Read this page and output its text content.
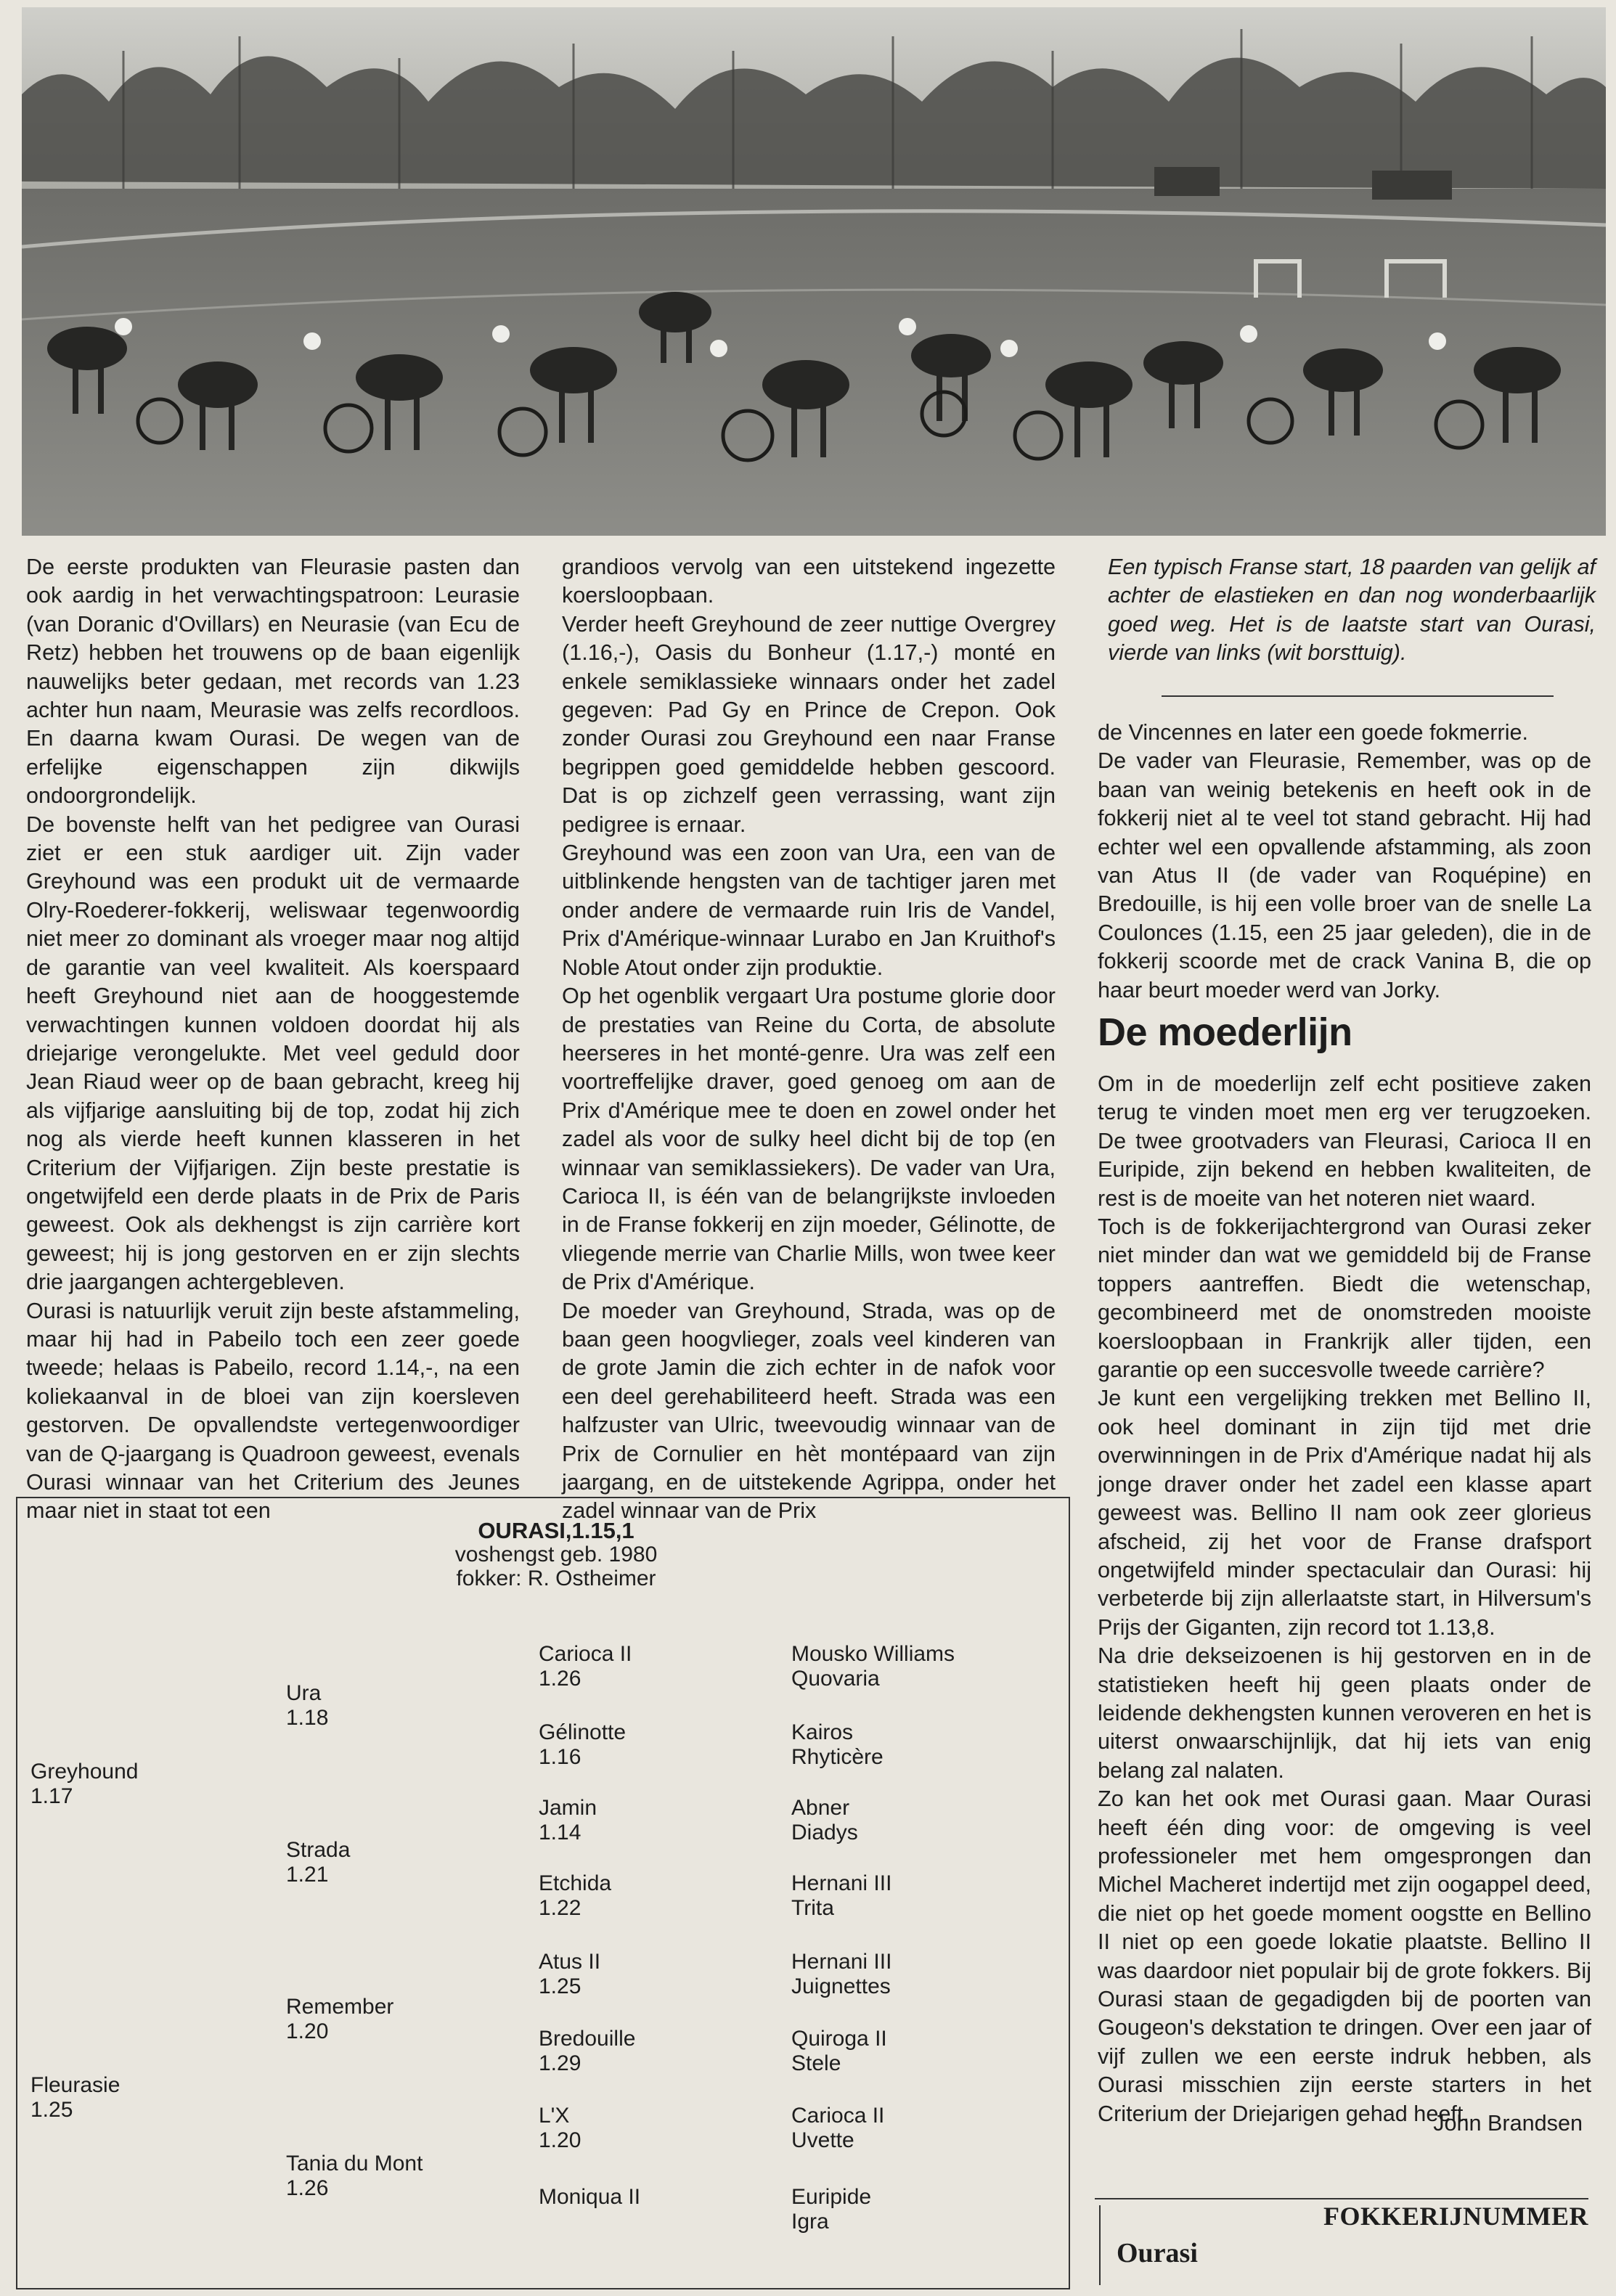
De eerste produkten van Fleurasie pasten dan ook aardig in het verwachtingspatroon: Leurasie (van Doranic d'Ovillars) en Neurasie (van Ecu de Retz) hebben het trouwens op de baan eigenlijk nauwelijks beter gedaan, met records van 1.23 achter hun naam, Meurasie was zelfs recordloos. En daarna kwam Ourasi. De wegen van de erfelijke eigenschappen zijn dikwijls ondoorgrondelijk.

De bovenste helft van het pedigree van Ourasi ziet er een stuk aardiger uit. Zijn vader Greyhound was een produkt uit de vermaarde Olry-Roederer-fokkerij, weliswaar tegenwoordig niet meer zo dominant als vroeger maar nog altijd de garantie van veel kwaliteit. Als koerspaard heeft Greyhound niet aan de hooggestemde verwachtingen kunnen voldoen doordat hij als driejarige verongelukte. Met veel geduld door Jean Riaud weer op de baan gebracht, kreeg hij als vijfjarige aansluiting bij de top, zodat hij zich nog als vierde heeft kunnen klasseren in het Criterium der Vijfjarigen. Zijn beste prestatie is ongetwijfeld een derde plaats in de Prix de Paris geweest. Ook als dekhengst is zijn carrière kort geweest; hij is jong gestorven en er zijn slechts drie jaargangen achtergebleven.

Ourasi is natuurlijk veruit zijn beste afstammeling, maar hij had in Pabeilo toch een zeer goede tweede; helaas is Pabeilo, record 1.14,-, na een koliekaanval in de bloei van zijn koersleven gestorven. De opvallendste vertegenwoordiger van de Q-jaargang is Quadroon geweest, evenals Ourasi winnaar van het Criterium des Jeunes maar niet in staat tot een

grandioos vervolg van een uitstekend ingezette koersloopbaan.

Verder heeft Greyhound de zeer nuttige Overgrey (1.16,-), Oasis du Bonheur (1.17,-) monté en enkele semiklassieke winnaars onder het zadel gegeven: Pad Gy en Prince de Crepon. Ook zonder Ourasi zou Greyhound een naar Franse begrippen goed gemiddelde hebben gescoord. Dat is op zichzelf geen verrassing, want zijn pedigree is ernaar.

Greyhound was een zoon van Ura, een van de uitblinkende hengsten van de tachtiger jaren met onder andere de vermaarde ruin Iris de Vandel, Prix d'Amérique-winnaar Lurabo en Jan Kruithof's Noble Atout onder zijn produktie.

Op het ogenblik vergaart Ura postume glorie door de prestaties van Reine du Corta, de absolute heerseres in het monté-genre. Ura was zelf een voortreffelijke draver, goed genoeg om aan de Prix d'Amérique mee te doen en zowel onder het zadel als voor de sulky heel dicht bij de top (en winnaar van semiklassiekers). De vader van Ura, Carioca II, is één van de belangrijkste invloeden in de Franse fokkerij en zijn moeder, Gélinotte, de vliegende merrie van Charlie Mills, won twee keer de Prix d'Amérique.

De moeder van Greyhound, Strada, was op de baan geen hoogvlieger, zoals veel kinderen van de grote Jamin die zich echter in de nafok voor een deel gerehabiliteerd heeft. Strada was een halfzuster van Ulric, tweevoudig winnaar van de Prix de Cornulier en hèt montépaard van zijn jaargang, en de uitstekende Agrippa, onder het zadel winnaar van de Prix

Een typisch Franse start, 18 paarden van gelijk af achter de elastieken en dan nog wonderbaarlijk goed weg. Het is de laatste start van Ourasi, vierde van links (wit borsttuig).

de Vincennes en later een goede fokmerrie.

De vader van Fleurasie, Remember, was op de baan van weinig betekenis en heeft ook in de fokkerij niet al te veel tot stand gebracht. Hij had echter wel een opvallende afstamming, als zoon van Atus II (de vader van Roquépine) en Bredouille, is hij een volle broer van de snelle La Coulonces (1.15, een 25 jaar geleden), die in de fokkerij scoorde met de crack Vanina B, die op haar beurt moeder werd van Jorky.

De moederlijn

Om in de moederlijn zelf echt positieve zaken terug te vinden moet men erg ver terugzoeken. De twee grootvaders van Fleurasi, Carioca II en Euripide, zijn bekend en hebben kwaliteiten, de rest is de moeite van het noteren niet waard.

Toch is de fokkerijachtergrond van Ourasi zeker niet minder dan wat we gemiddeld bij de Franse toppers aantreffen. Biedt die wetenschap, gecombineerd met de onomstreden mooiste koersloopbaan in Frankrijk aller tijden, een garantie op een succesvolle tweede carrière?

Je kunt een vergelijking trekken met Bellino II, ook heel dominant in zijn tijd met drie overwinningen in de Prix d'Amérique nadat hij als jonge draver onder het zadel een klasse apart geweest was. Bellino II nam ook zeer glorieus afscheid, zij het voor de Franse drafsport ongetwijfeld minder spectaculair dan Ourasi: hij verbeterde bij zijn allerlaatste start, in Hilversum's Prijs der Giganten, zijn record tot 1.13,8.

Na drie dekseizoenen is hij gestorven en in de statistieken heeft hij geen plaats onder de leidende dekhengsten kunnen veroveren en het is uiterst onwaarschijnlijk, dat hij iets van enig belang zal nalaten.

Zo kan het ook met Ourasi gaan. Maar Ourasi heeft één ding voor: de omgeving is veel professioneler met hem omgesprongen dan Michel Macheret indertijd met zijn oogappel deed, die niet op het goede moment oogstte en Bellino II niet op een goede lokatie plaatste. Bellino II was daardoor niet populair bij de grote fokkers. Bij Ourasi staan de gegadigden bij de poorten van Gougeon's dekstation te dringen. Over een jaar of vijf zullen we een eerste indruk hebben, als Ourasi misschien zijn eerste starters in het Criterium der Driejarigen gehad heeft.

John Brandsen
OURASI,1.15,1
voshengst geb. 1980
fokker: R. Ostheimer
Greyhound
1.17
Fleurasie
1.25
Ura
1.18
Strada
1.21
Remember
1.20
Tania du Mont
1.26
Carioca II
1.26
Gélinotte
1.16
Jamin
1.14
Etchida
1.22
Atus II
1.25
Bredouille
1.29
L'X
1.20
Moniqua II
Mousko Williams
Quovaria
Kairos
Rhyticère
Abner
Diadys
Hernani III
Trita
Hernani III
Juignettes
Quiroga II
Stele
Carioca II
Uvette
Euripide
Igra	FOKKERIJNUMMER
Ourasi
